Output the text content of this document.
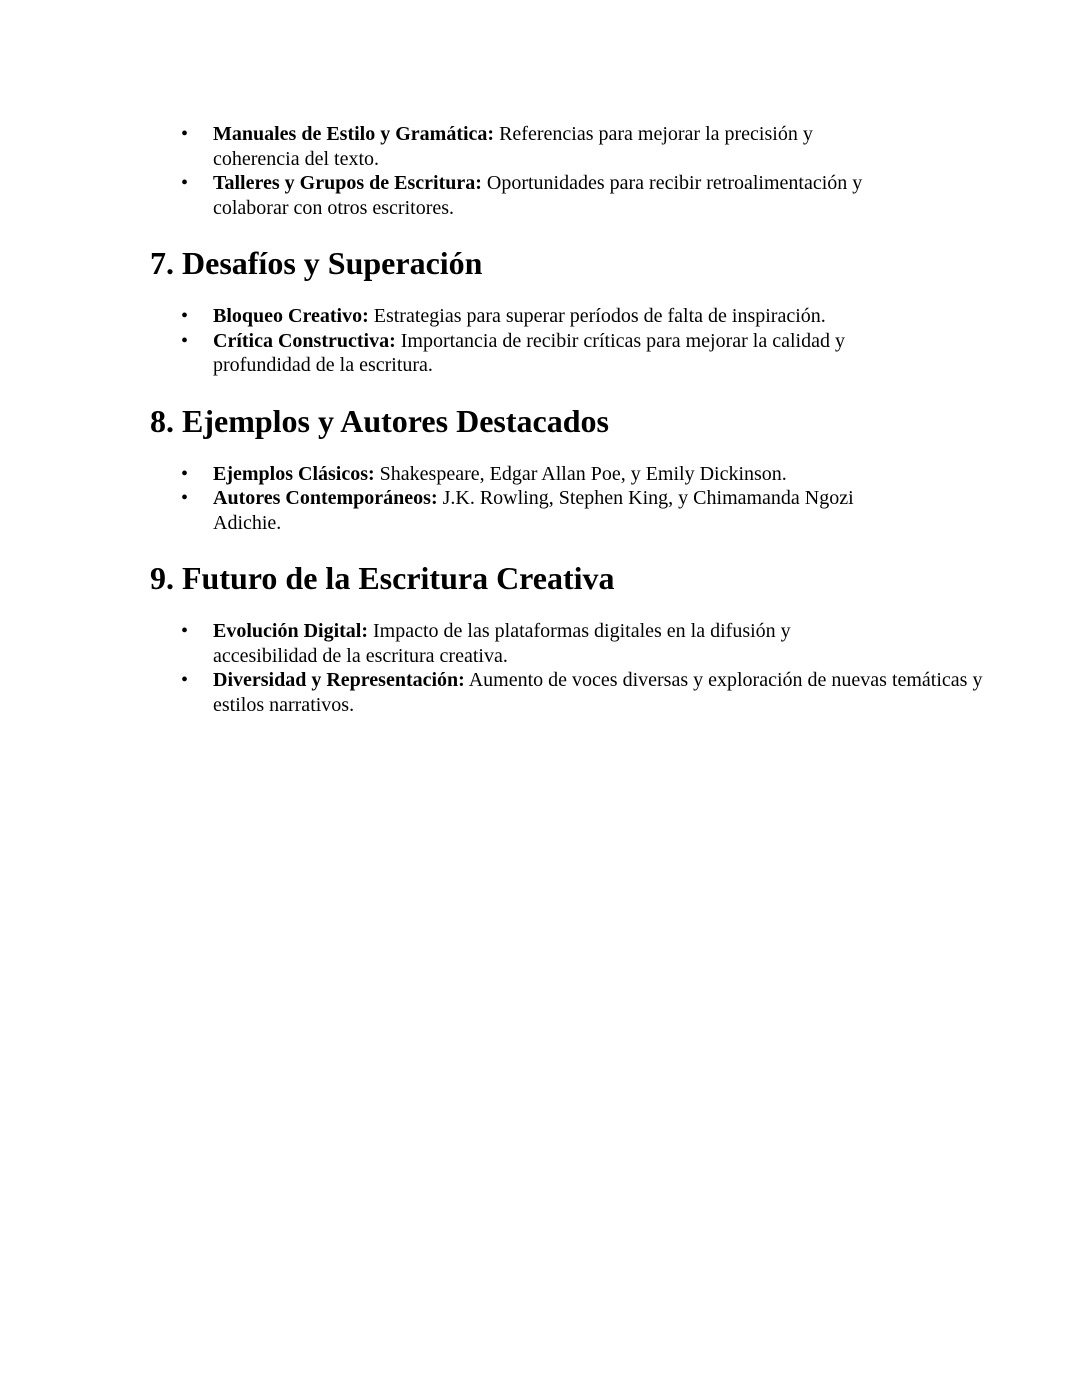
• Manuales de Estilo y Gramática: Referencias para mejorar la precisión y coherencia del texto.
• Talleres y Grupos de Escritura: Oportunidades para recibir retroalimentación y colaborar con otros escritores.
7. Desafíos y Superación
• Bloqueo Creativo: Estrategias para superar períodos de falta de inspiración.
• Crítica Constructiva: Importancia de recibir críticas para mejorar la calidad y profundidad de la escritura.
8. Ejemplos y Autores Destacados
• Ejemplos Clásicos: Shakespeare, Edgar Allan Poe, y Emily Dickinson.
• Autores Contemporáneos: J.K. Rowling, Stephen King, y Chimamanda Ngozi Adichie.
9. Futuro de la Escritura Creativa
• Evolución Digital: Impacto de las plataformas digitales en la difusión y accesibilidad de la escritura creativa.
• Diversidad y Representación: Aumento de voces diversas y exploración de nuevas temáticas y estilos narrativos.
